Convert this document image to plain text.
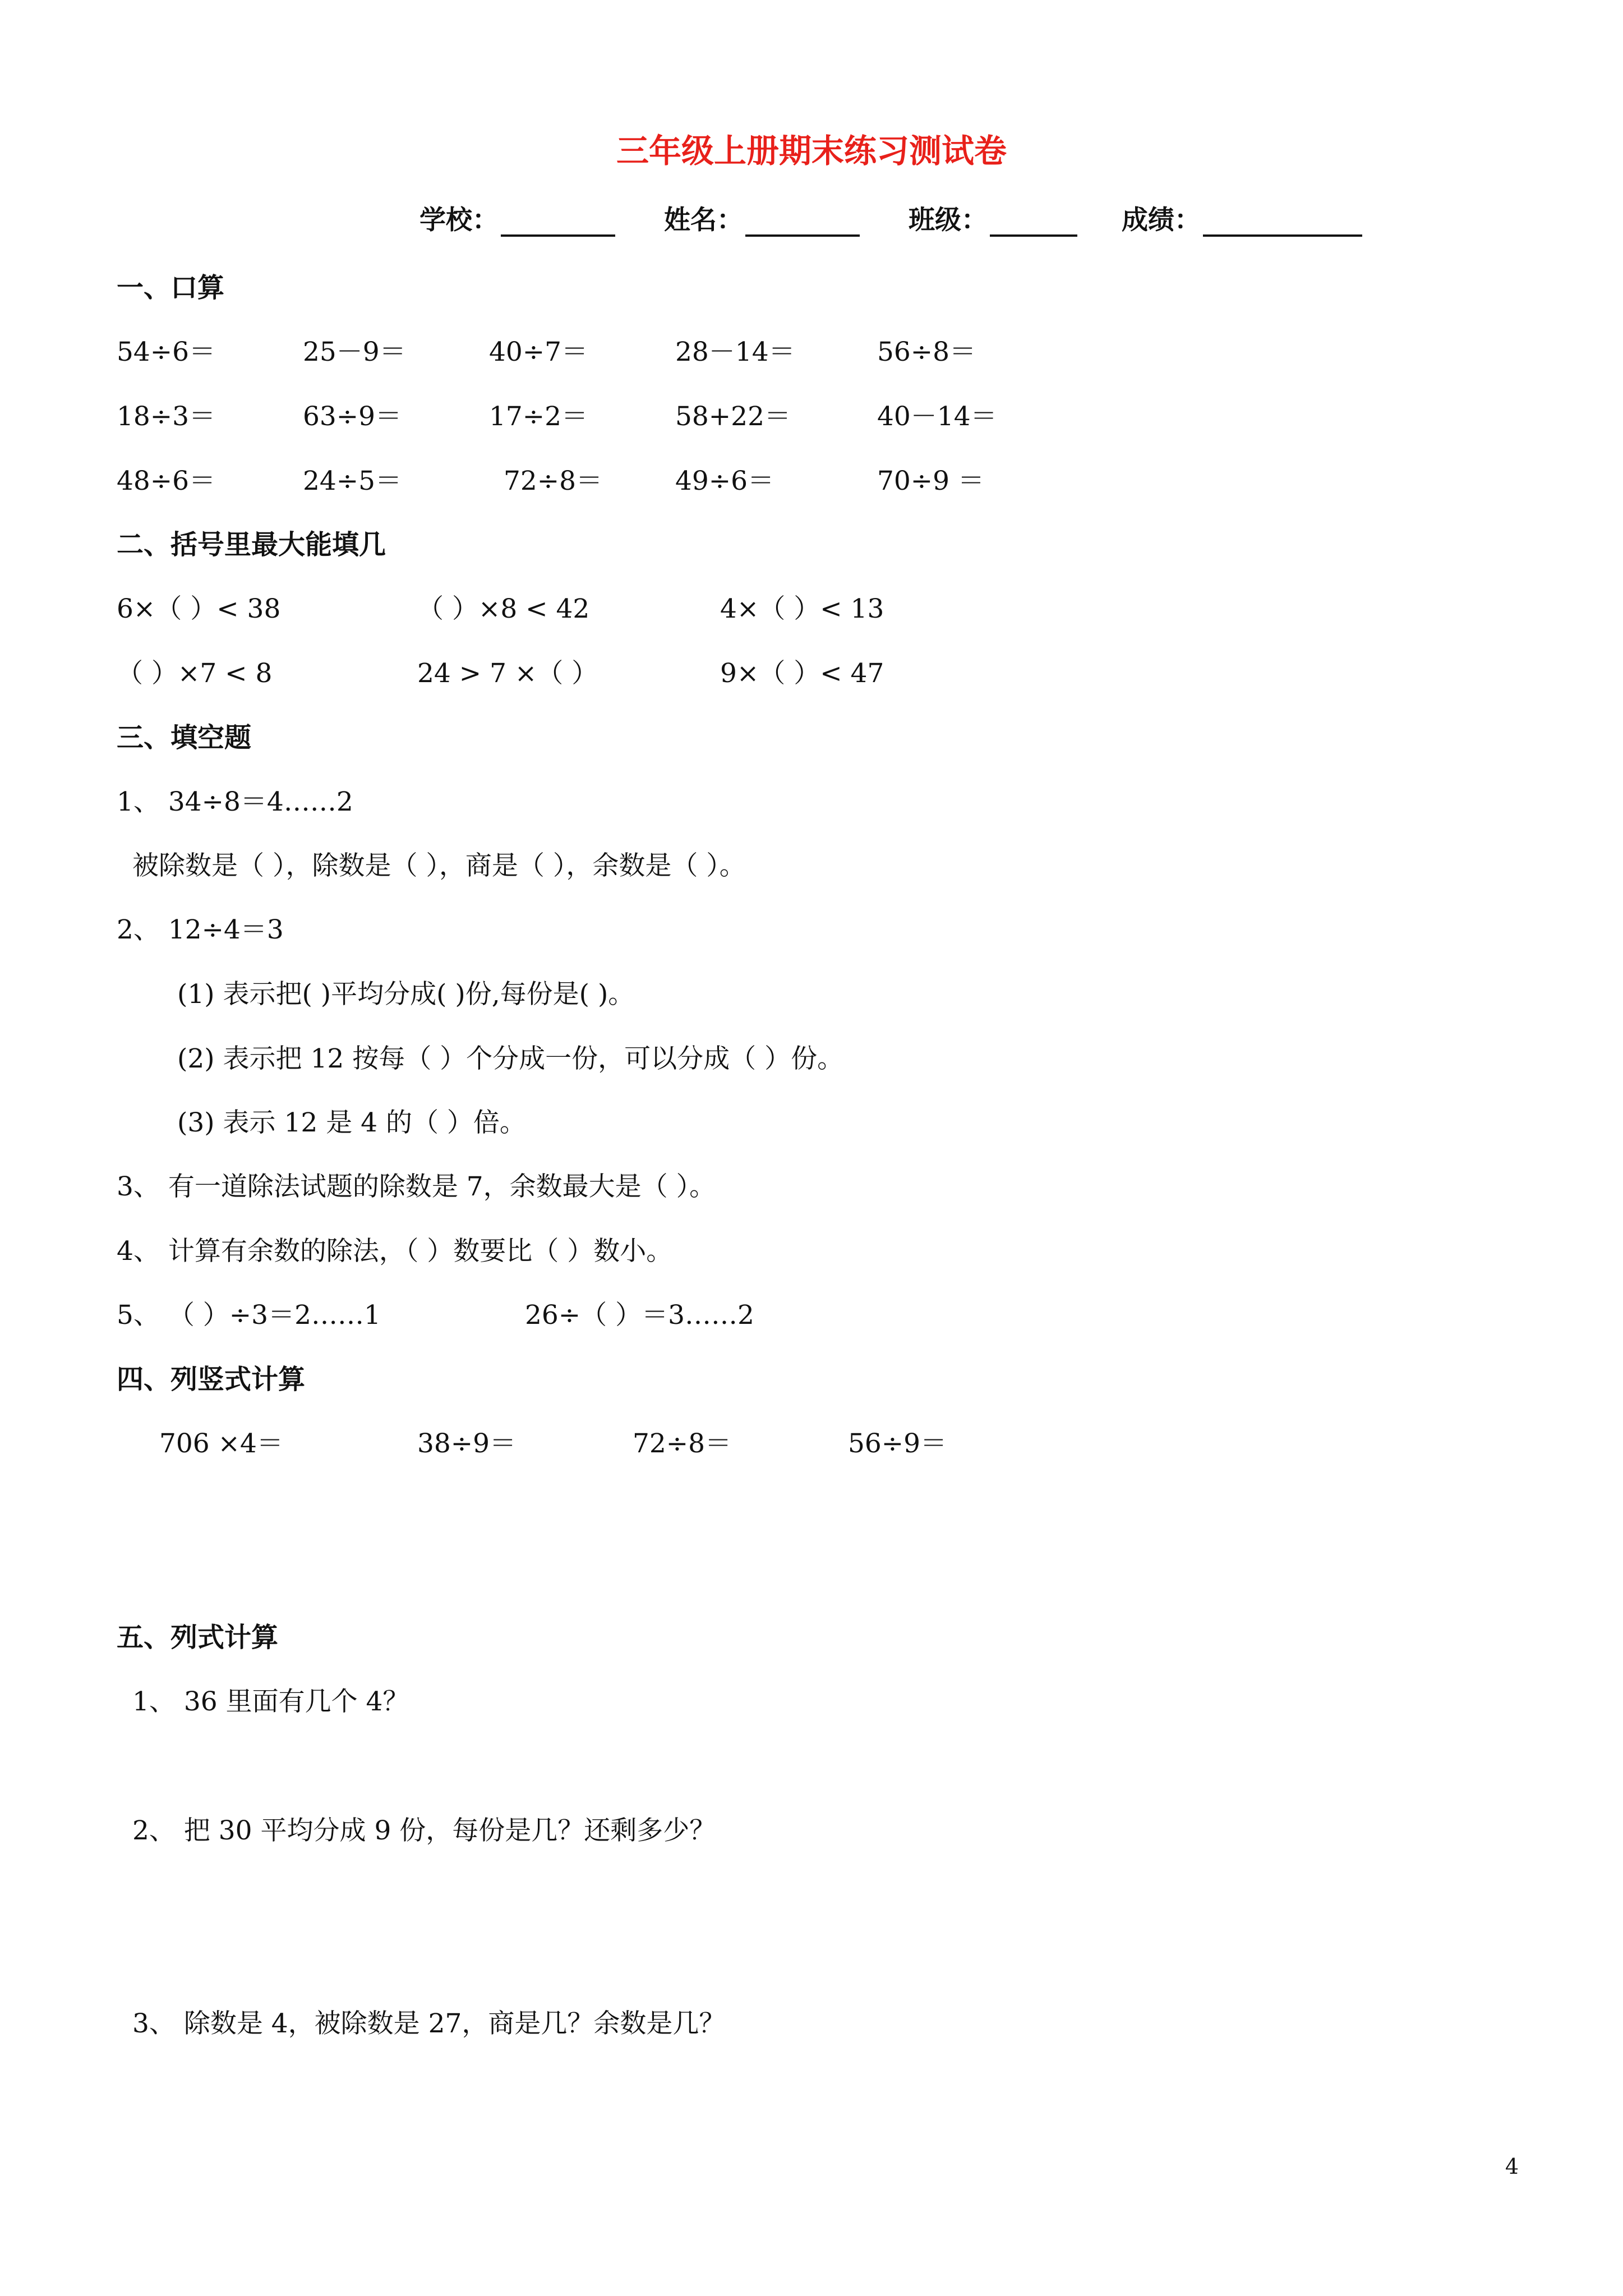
三年级上册期末练习测试卷
学校：	姓名：	班级：	成绩：
一、口算
54÷6＝	25－9＝	40÷7＝	28－14＝	56÷8＝
18÷3＝	63÷9＝	17÷2＝	58+22＝	40－14＝
48÷6＝	24÷5＝	72÷8＝	49÷6＝	70÷9 ＝
二、括号里最大能填几
6×（ ）< 38	（ ）×8 < 42	4×（ ）< 13
（ ）×7 < 8	24 > 7 ×（ ）	9×（ ）< 47
三、填空题
1、 34÷8＝4……2
被除数是（ ），除数是（ ），商是（ ），余数是（ ）。
2、 12÷4＝3
(1) 表示把( )平均分成( )份,每份是( )。
(2) 表示把 12 按每（ ）个分成一份，可以分成（ ）份。
(3) 表示 12 是 4 的（ ）倍。
3、 有一道除法试题的除数是 7，余数最大是（ ）。
4、 计算有余数的除法，（ ）数要比（ ）数小。
5、 （ ）÷3＝2……1	26÷（ ）＝3……2
四、列竖式计算
706 ×4＝	38÷9＝	72÷8＝	56÷9＝
五、列式计算
1、 36 里面有几个 4？
2、 把 30 平均分成 9 份，每份是几？还剩多少？
3、 除数是 4，被除数是 27，商是几？余数是几？
4
